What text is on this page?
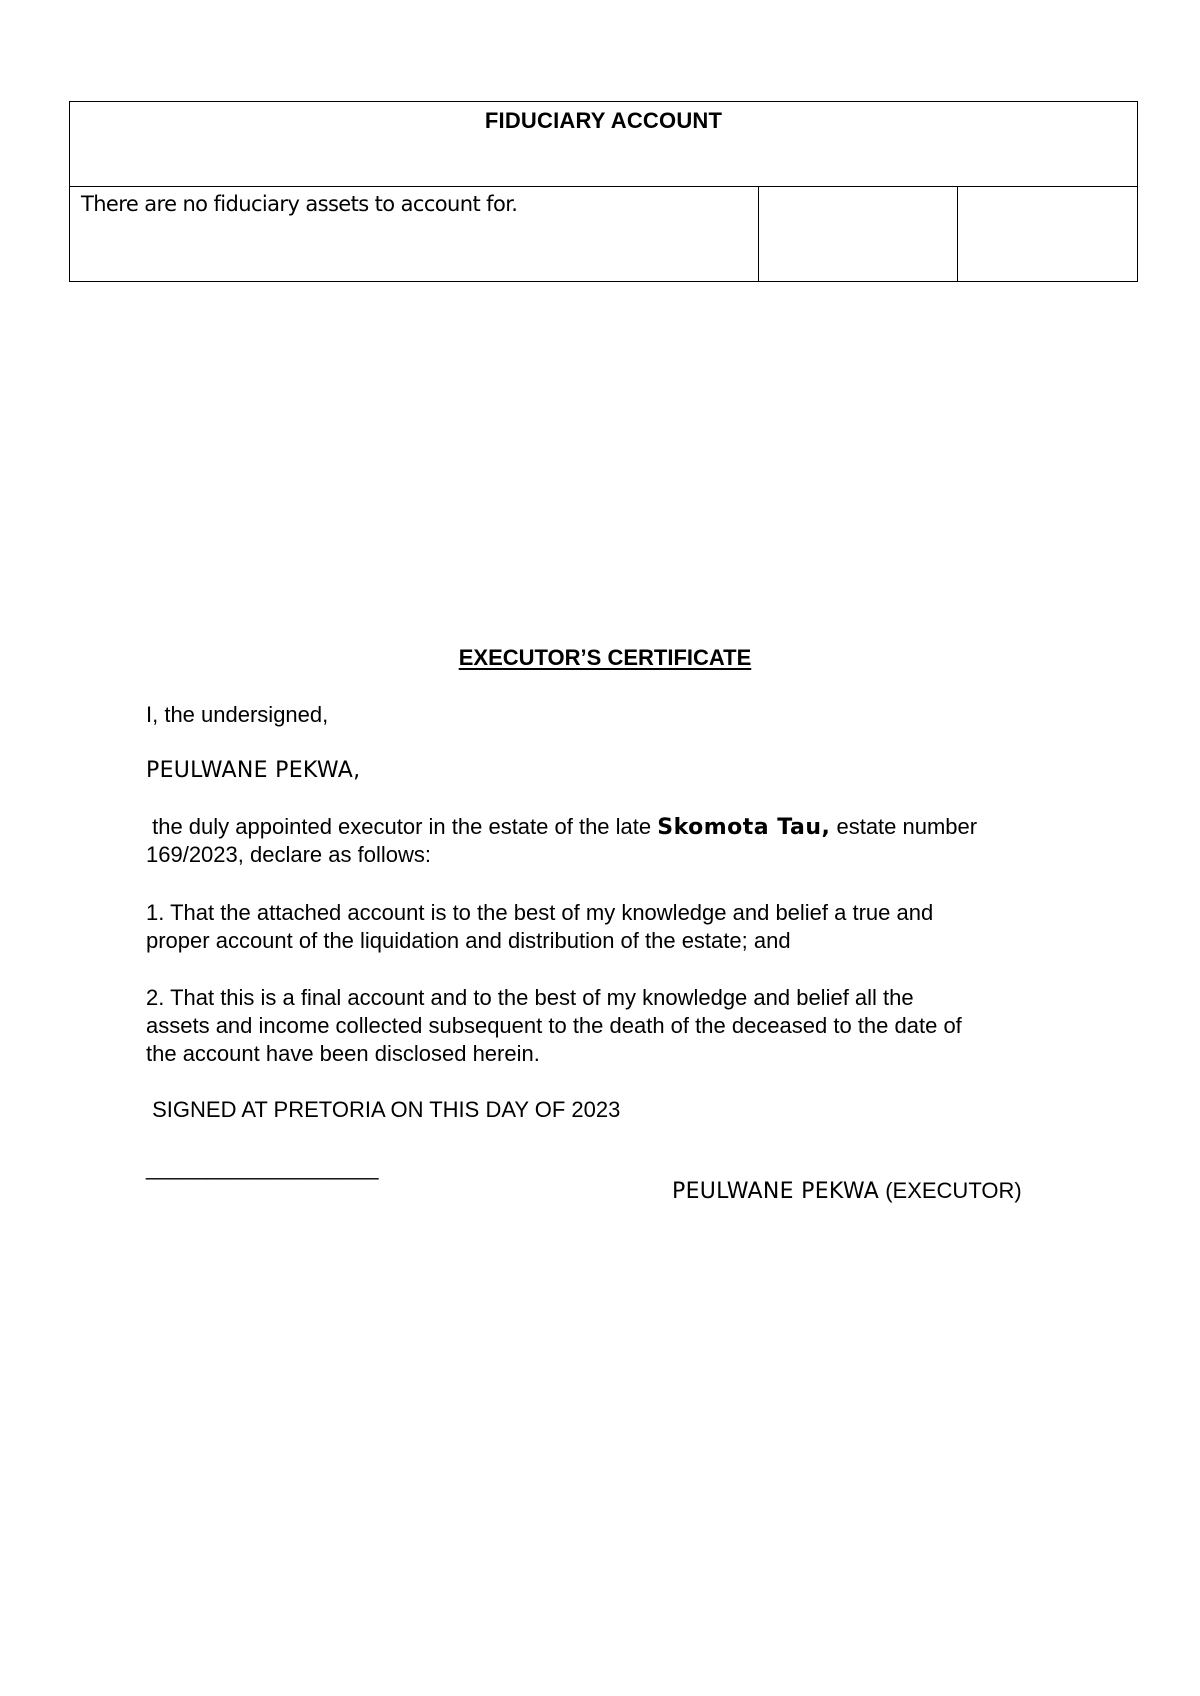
FIDUCIARY ACCOUNT

There are no fiduciary assets to account for.

EXECUTOR’S CERTIFICATE

I, the undersigned,

PEULWANE PEKWA,

the duly appointed executor in the estate of the late Skomota Tau, estate number

169/2023, declare as follows:

1. That the attached account is to the best of my knowledge and belief a true and

proper account of the liquidation and distribution of the estate; and

2. That this is a final account and to the best of my knowledge and belief all the

assets and income collected subsequent to the death of the deceased to the date of

the account have been disclosed herein.

SIGNED AT PRETORIA ON THIS DAY OF 2023

___________________
PEULWANE PEKWA (EXECUTOR)
